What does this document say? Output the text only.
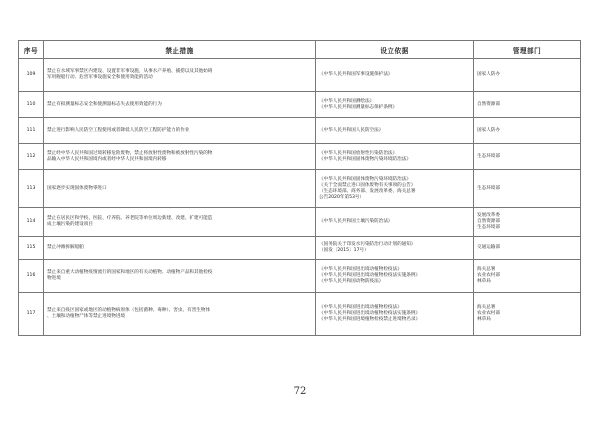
序号	禁止措施	设立依据	管理部门
109	禁止在水域军事禁区内建设、设置非军事设施，从事水产养殖、捕捞以及其他妨碍
军用舰船行动、危害军事设施安全和使用效能的活动	《中华人民共和国军事设施保护法》	国家人防办

110	禁止有损测量标志安全和使测量标志失去使用效能的行为	《中华人民共和国测绘法》
《中华人民共和国测量标志保护条例》	自然资源部

111	禁止进行影响人民防空工程使用或者降低人民防空工程防护能力的作业	《中华人民共和国人民防空法》	国家人防办

112	禁止经中华人民共和国过境转移危险废物，禁止将放射性废物和被放射性污染的物
品输入中华人民共和国境内或者经中华人民共和国境内转移	《中华人民共和国放射性污染防治法》
《中华人民共和国固体废物污染环境防治法》	生态环境部

113	国家逐步实现固体废物零进口	《中华人民共和国固体废物污染环境防治法》
《关于全面禁止进口固体废物有关事项的公告》
（生态环境部、商务部、发展改革委、海关总署
公告2020年第53号）	生态环境部

114	禁止在居民区和学校、医院、疗养院、养老院等单位周边新建、改建、扩建可能造
成土壤污染的建设项目	《中华人民共和国土壤污染防治法》	发展改革委
自然资源部
生态环境部

115	禁止冲滩拆解船舶	《国务院关于印发水污染防治行动计划的通知》
（国发〔2015〕17号）	交通运输部

116	禁止来自重大动植物疫情流行的国家和地区的有关动植物、动植物产品和其他检疫
物进境	《中华人民共和国进出境动植物检疫法》
《中华人民共和国进出境动植物检疫法实施条例》
《中华人民共和国动物防疫法》	海关总署
农业农村部
林草局

117	禁止来自疫区国家或地区的动植物病原体（包括菌种、毒种）、害虫、有害生物体
、土壤和动植物尸体等禁止进境物进境	《中华人民共和国进出境动植物检疫法》
《中华人民共和国进出境动植物检疫法实施条例》
《中华人民共和国进境植物检疫禁止进境物名录》	海关总署
农业农村部
林草局
72
